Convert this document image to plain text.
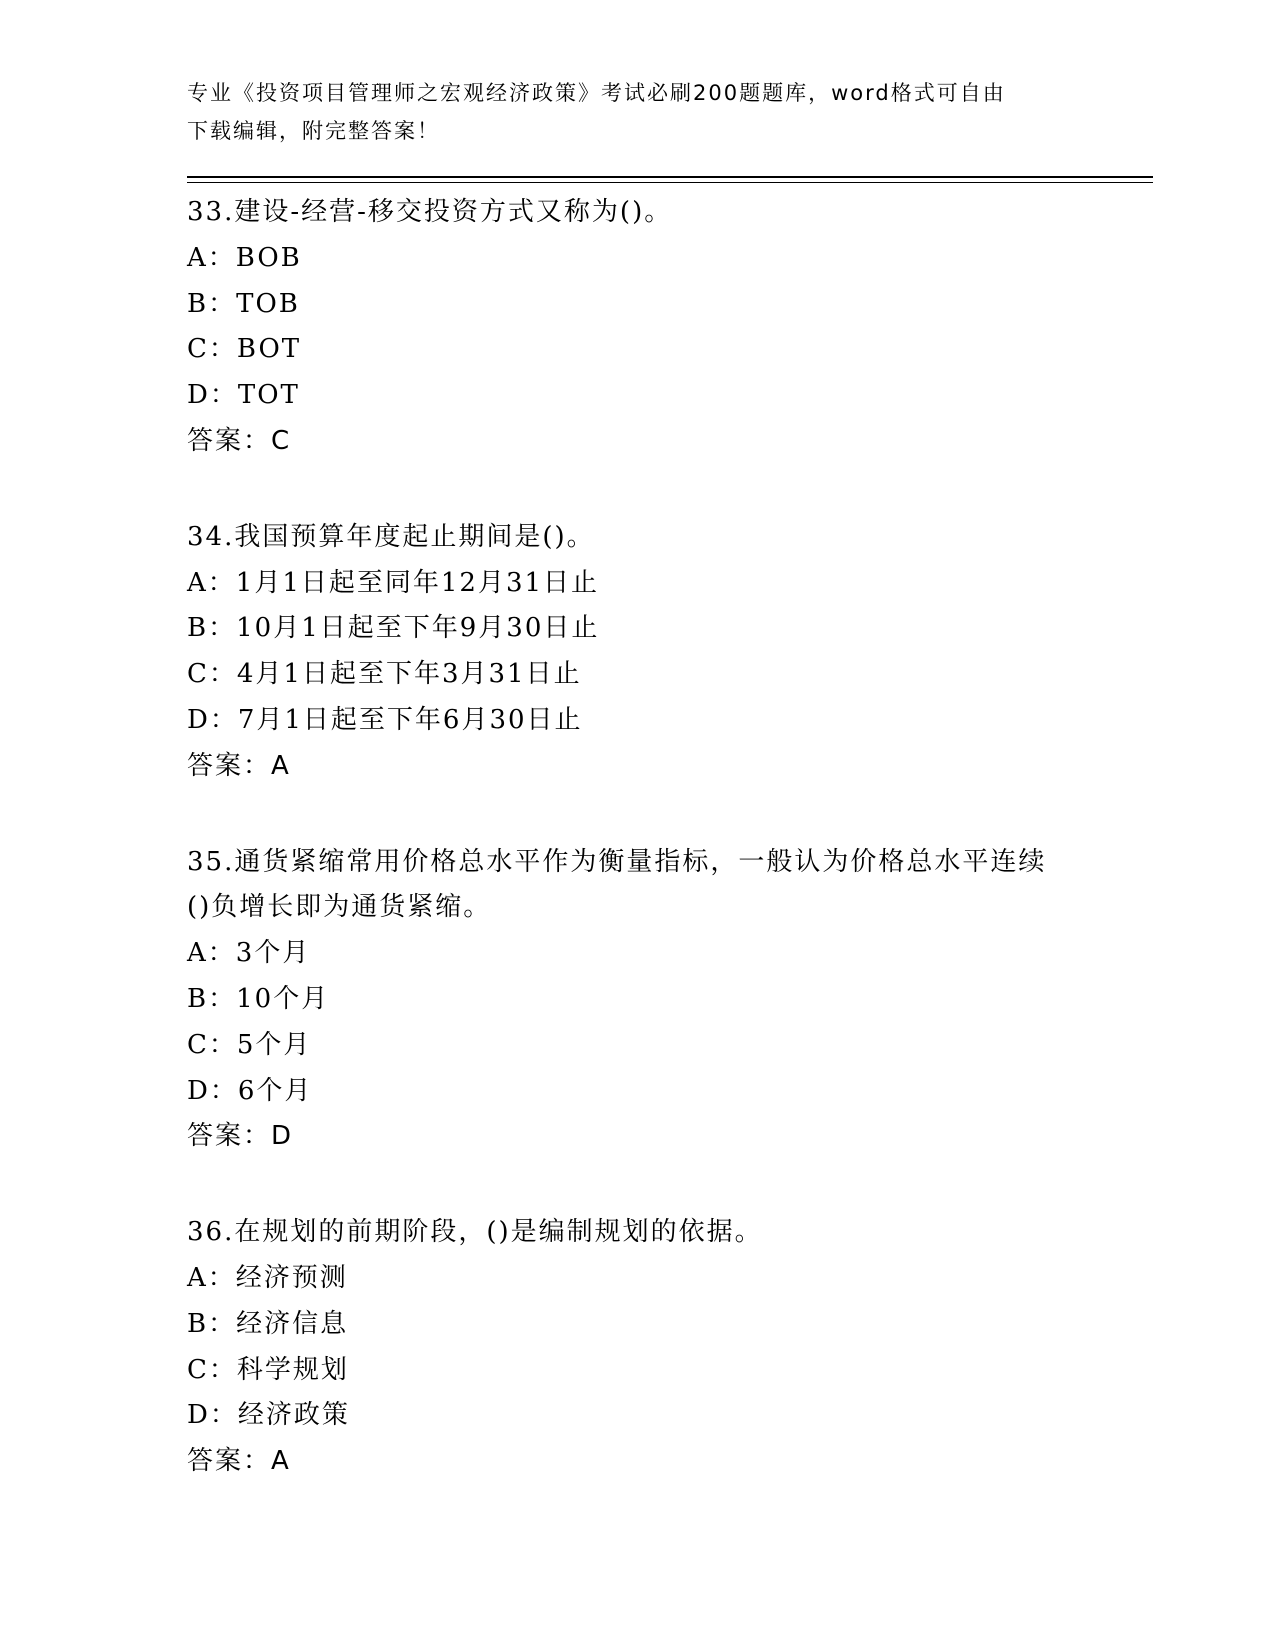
专业《投资项目管理师之宏观经济政策》考试必刷200题题库，word格式可自由
下载编辑，附完整答案！
33.建设-经营-移交投资方式又称为()。
A：BOB
B：TOB
C：BOT
D：TOT
答案：C
34.我国预算年度起止期间是()。
A：1月1日起至同年12月31日止
B：10月1日起至下年9月30日止
C：4月1日起至下年3月31日止
D：7月1日起至下年6月30日止
答案：A
35.通货紧缩常用价格总水平作为衡量指标，一般认为价格总水平连续
()负增长即为通货紧缩。
A：3个月
B：10个月
C：5个月
D：6个月
答案：D
36.在规划的前期阶段，()是编制规划的依据。
A：经济预测
B：经济信息
C：科学规划
D：经济政策
答案：A
